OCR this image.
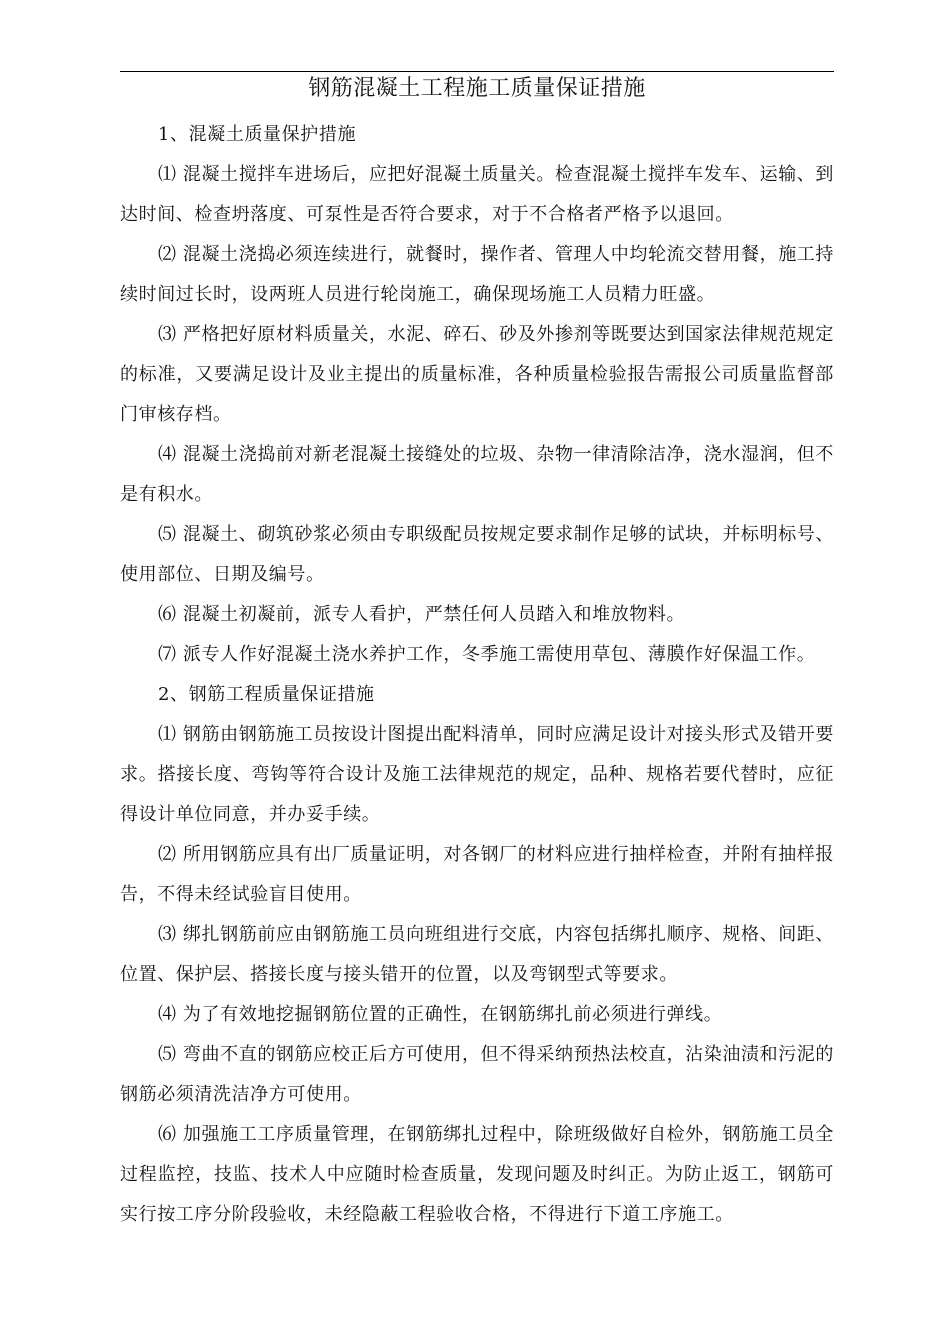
钢筋混凝土工程施工质量保证措施

1、混凝土质量保护措施

⑴ 混凝土搅拌车进场后，应把好混凝土质量关。检查混凝土搅拌车发车、运输、到达时间、检查坍落度、可泵性是否符合要求，对于不合格者严格予以退回。

⑵ 混凝土浇捣必须连续进行，就餐时，操作者、管理人中均轮流交替用餐，施工持续时间过长时，设两班人员进行轮岗施工，确保现场施工人员精力旺盛。

⑶ 严格把好原材料质量关，水泥、碎石、砂及外掺剂等既要达到国家法律规范规定的标准，又要满足设计及业主提出的质量标准，各种质量检验报告需报公司质量监督部门审核存档。

⑷ 混凝土浇捣前对新老混凝土接缝处的垃圾、杂物一律清除洁净，浇水湿润，但不是有积水。

⑸ 混凝土、砌筑砂浆必须由专职级配员按规定要求制作足够的试块，并标明标号、使用部位、日期及编号。

⑹ 混凝土初凝前，派专人看护，严禁任何人员踏入和堆放物料。

⑺ 派专人作好混凝土浇水养护工作，冬季施工需使用草包、薄膜作好保温工作。

2、钢筋工程质量保证措施

⑴ 钢筋由钢筋施工员按设计图提出配料清单，同时应满足设计对接头形式及错开要求。搭接长度、弯钩等符合设计及施工法律规范的规定，品种、规格若要代替时，应征得设计单位同意，并办妥手续。

⑵ 所用钢筋应具有出厂质量证明，对各钢厂的材料应进行抽样检查，并附有抽样报告，不得未经试验盲目使用。

⑶ 绑扎钢筋前应由钢筋施工员向班组进行交底，内容包括绑扎顺序、规格、间距、位置、保护层、搭接长度与接头错开的位置，以及弯钢型式等要求。

⑷ 为了有效地挖掘钢筋位置的正确性，在钢筋绑扎前必须进行弹线。

⑸ 弯曲不直的钢筋应校正后方可使用，但不得采纳预热法校直，沾染油渍和污泥的钢筋必须清洗洁净方可使用。

⑹ 加强施工工序质量管理，在钢筋绑扎过程中，除班级做好自检外，钢筋施工员全过程监控，技监、技术人中应随时检查质量，发现问题及时纠正。为防止返工，钢筋可实行按工序分阶段验收，未经隐蔽工程验收合格，不得进行下道工序施工。
